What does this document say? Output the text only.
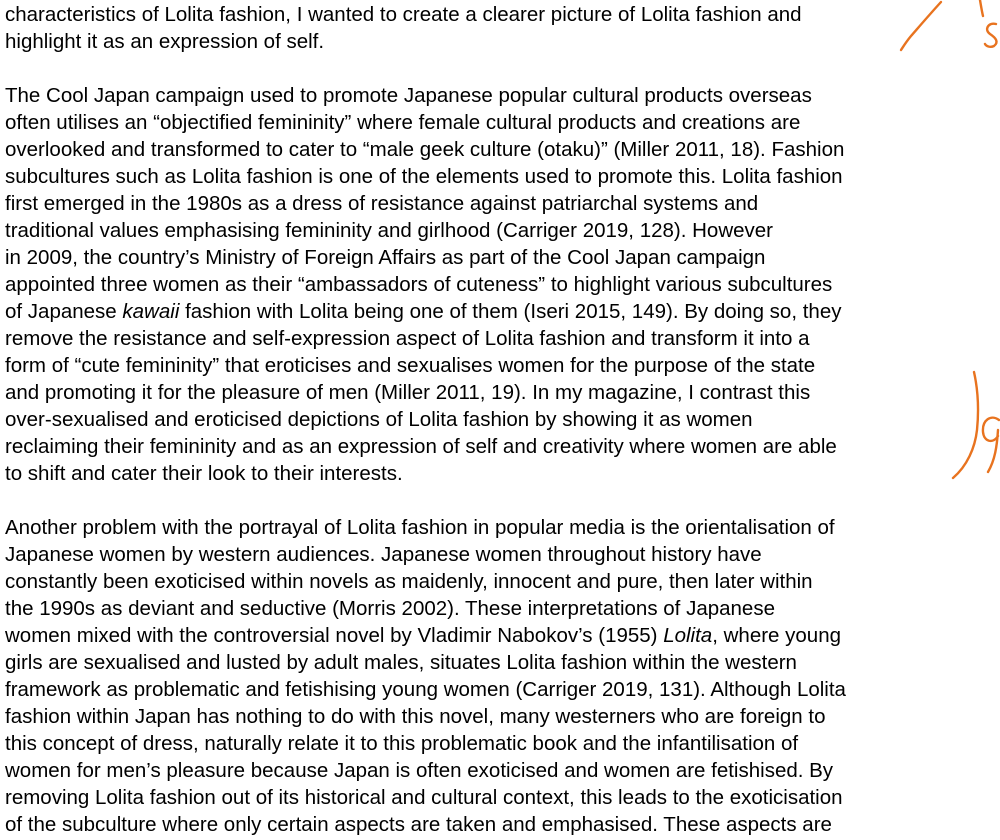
characteristics of Lolita fashion, I wanted to create a clearer picture of Lolita fashion and
highlight it as an expression of self.
The Cool Japan campaign used to promote Japanese popular cultural products overseas
often utilises an “objectified femininity” where female cultural products and creations are
overlooked and transformed to cater to “male geek culture (otaku)” (Miller 2011, 18). Fashion
subcultures such as Lolita fashion is one of the elements used to promote this. Lolita fashion
first emerged in the 1980s as a dress of resistance against patriarchal systems and
traditional values emphasising femininity and girlhood (Carriger 2019, 128). However
in 2009, the country’s Ministry of Foreign Affairs as part of the Cool Japan campaign
appointed three women as their “ambassadors of cuteness” to highlight various subcultures
of Japanese kawaii fashion with Lolita being one of them (Iseri 2015, 149). By doing so, they
remove the resistance and self-expression aspect of Lolita fashion and transform it into a
form of “cute femininity” that eroticises and sexualises women for the purpose of the state
and promoting it for the pleasure of men (Miller 2011, 19). In my magazine, I contrast this
over-sexualised and eroticised depictions of Lolita fashion by showing it as women
reclaiming their femininity and as an expression of self and creativity where women are able
to shift and cater their look to their interests.
Another problem with the portrayal of Lolita fashion in popular media is the orientalisation of
Japanese women by western audiences. Japanese women throughout history have
constantly been exoticised within novels as maidenly, innocent and pure, then later within
the 1990s as deviant and seductive (Morris 2002). These interpretations of Japanese
women mixed with the controversial novel by Vladimir Nabokov’s (1955) Lolita, where young
girls are sexualised and lusted by adult males, situates Lolita fashion within the western
framework as problematic and fetishising young women (Carriger 2019, 131). Although Lolita
fashion within Japan has nothing to do with this novel, many westerners who are foreign to
this concept of dress, naturally relate it to this problematic book and the infantilisation of
women for men’s pleasure because Japan is often exoticised and women are fetishised. By
removing Lolita fashion out of its historical and cultural context, this leads to the exoticisation
of the subculture where only certain aspects are taken and emphasised. These aspects are
